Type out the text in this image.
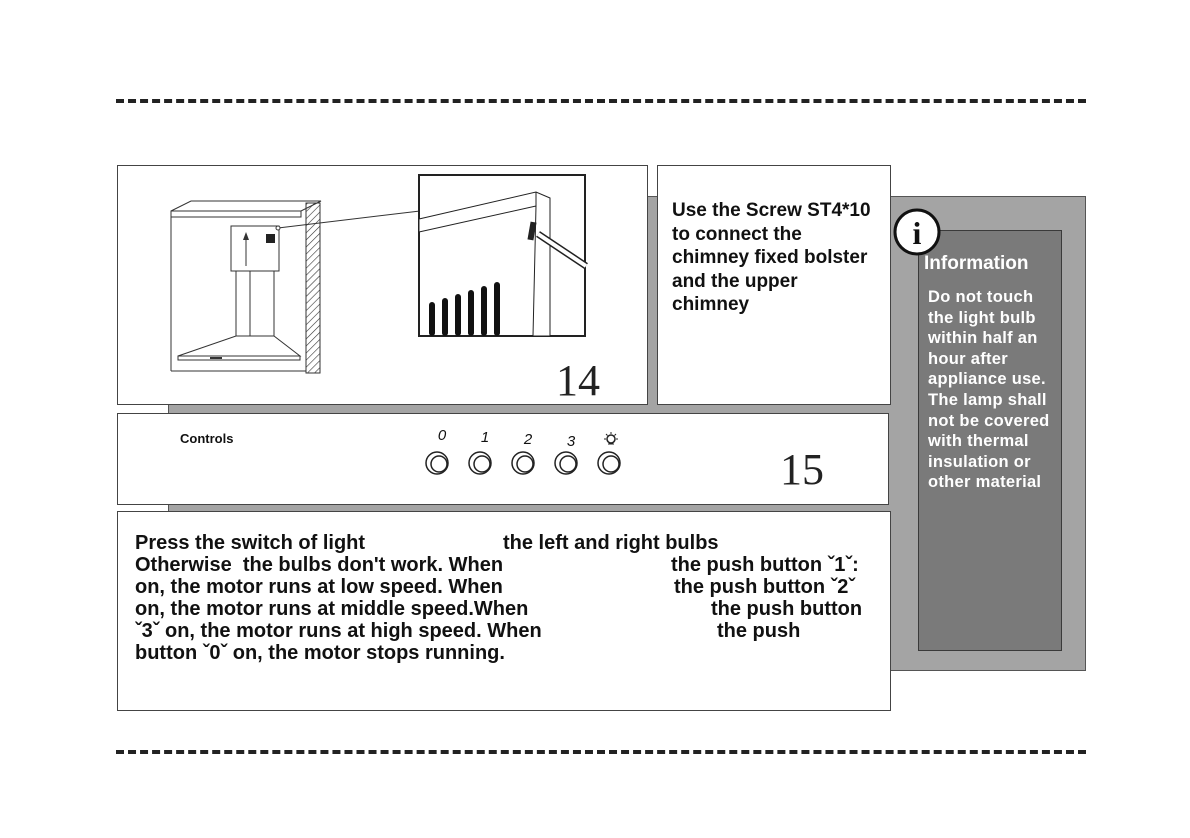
14
Use the Screw ST4*10 to connect the chimney fixed bolster and the upper chimney
Controls	0	1	2	3
15
Press the switch of light	the left and right bulbs
Otherwise  the bulbs don't work. When	the push button ˇ1ˇ:
on, the motor runs at low speed. When	the push button ˇ2ˇ
on, the motor runs at middle speed.When	the push button
ˇ3ˇ on, the motor runs at high speed. When	the push
button ˇ0ˇ on, the motor stops running.
i
Information
Do not touch the light bulb within half an hour after appliance use. The lamp shall not be covered with thermal insulation or other material
